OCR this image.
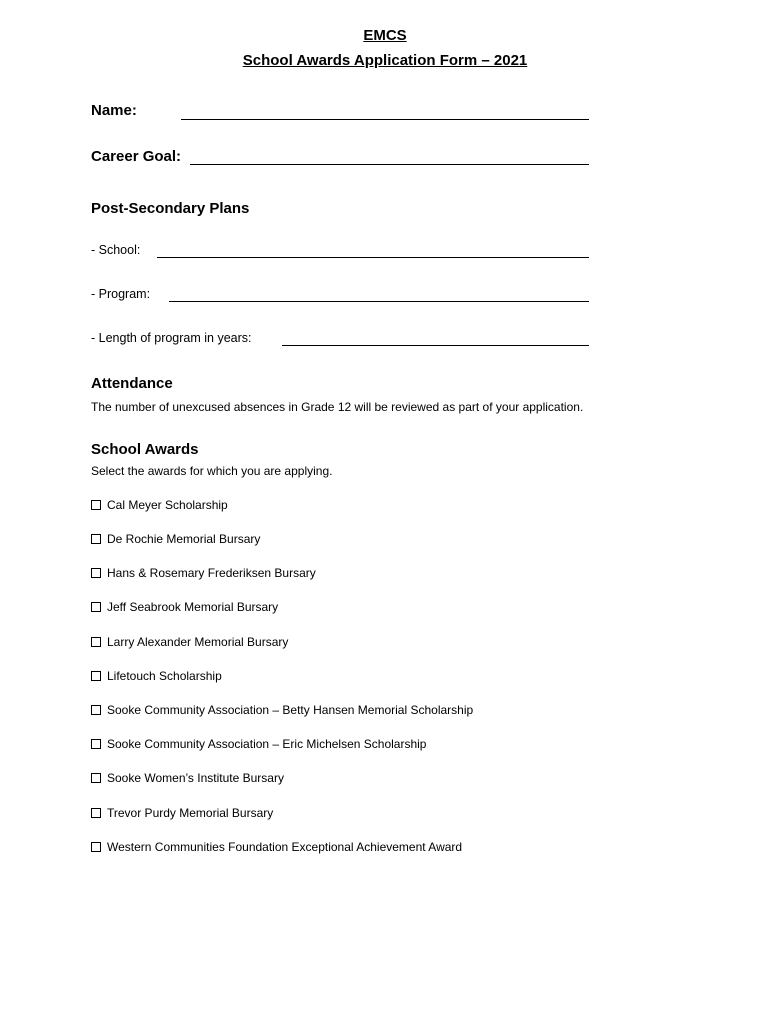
EMCS
School Awards Application Form – 2021
Name:
Career Goal:
Post-Secondary Plans
- School:
- Program:
- Length of program in years:
Attendance
The number of unexcused absences in Grade 12 will be reviewed as part of your application.
School Awards
Select the awards for which you are applying.
Cal Meyer Scholarship
De Rochie Memorial Bursary
Hans & Rosemary Frederiksen Bursary
Jeff Seabrook Memorial Bursary
Larry Alexander Memorial Bursary
Lifetouch Scholarship
Sooke Community Association – Betty Hansen Memorial Scholarship
Sooke Community Association – Eric Michelsen Scholarship
Sooke Women’s Institute Bursary
Trevor Purdy Memorial Bursary
Western Communities Foundation Exceptional Achievement Award
